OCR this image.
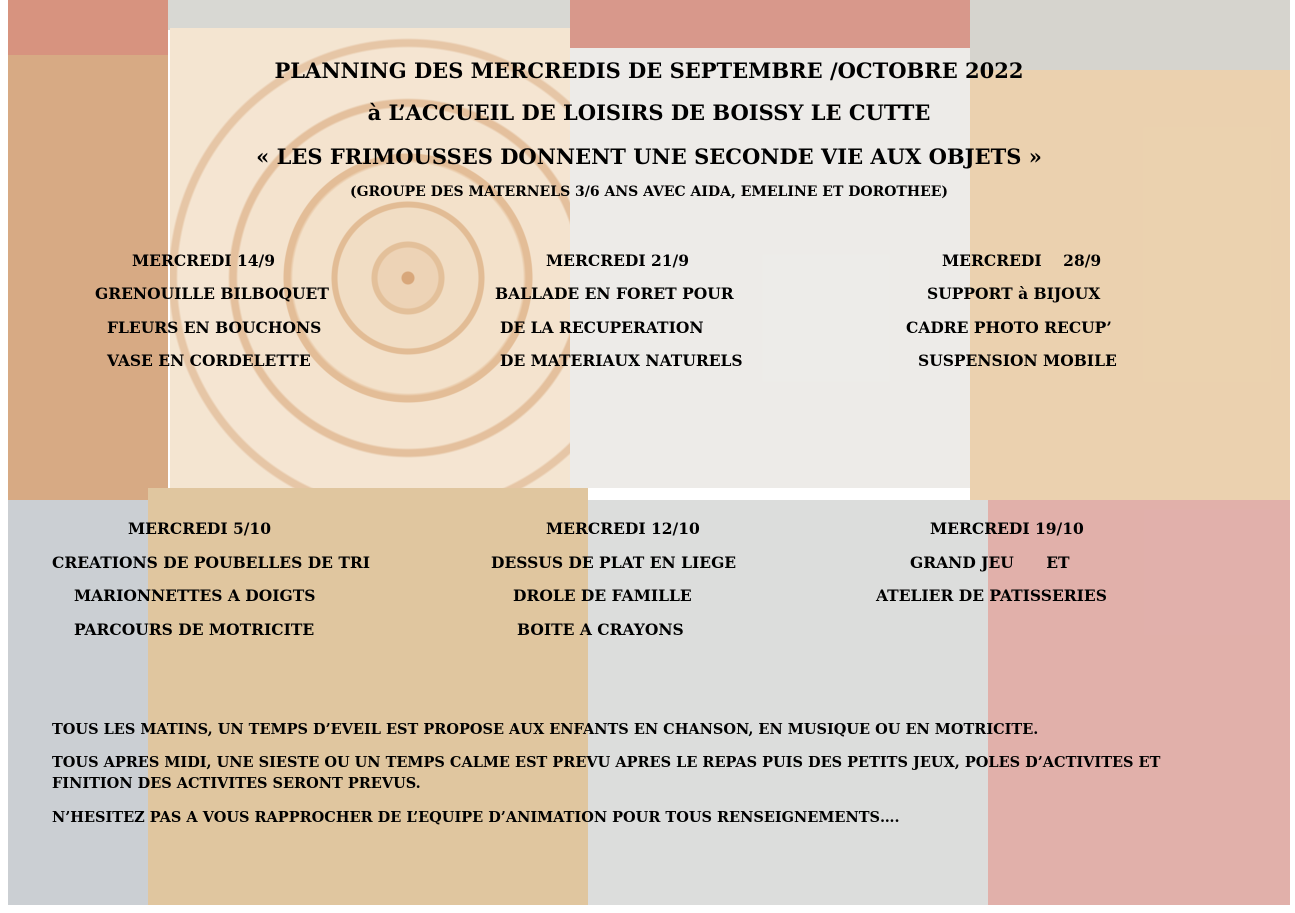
PLANNING DES MERCREDIS DE SEPTEMBRE /OCTOBRE 2022
à L’ACCUEIL DE LOISIRS DE BOISSY LE CUTTE
« LES FRIMOUSSES DONNENT UNE SECONDE VIE AUX OBJETS »
(GROUPE DES MATERNELS 3/6 ANS AVEC AIDA, EMELINE ET DOROTHEE)
MERCREDI 14/9
GRENOUILLE BILBOQUET
FLEURS EN BOUCHONS
VASE EN CORDELETTE
MERCREDI 21/9
BALLADE EN FORET POUR
DE LA RECUPERATION
DE MATERIAUX NATURELS
MERCREDI    28/9
SUPPORT à BIJOUX
CADRE PHOTO RECUP’
SUSPENSION MOBILE
MERCREDI 5/10
CREATIONS DE POUBELLES DE TRI
MARIONNETTES A DOIGTS
PARCOURS DE MOTRICITE
MERCREDI 12/10
DESSUS DE PLAT EN LIEGE
DROLE DE FAMILLE
BOITE A CRAYONS
MERCREDI 19/10
GRAND JEU      ET
ATELIER DE PATISSERIES
TOUS LES MATINS, UN TEMPS D’EVEIL EST PROPOSE AUX ENFANTS EN CHANSON, EN MUSIQUE OU EN MOTRICITE.
TOUS APRES MIDI, UNE SIESTE OU UN TEMPS CALME EST PREVU APRES LE REPAS PUIS DES PETITS JEUX, POLES D’ACTIVITES ET FINITION DES ACTIVITES SERONT PREVUS.
N’HESITEZ PAS A VOUS RAPPROCHER DE L’EQUIPE D’ANIMATION POUR TOUS RENSEIGNEMENTS….
